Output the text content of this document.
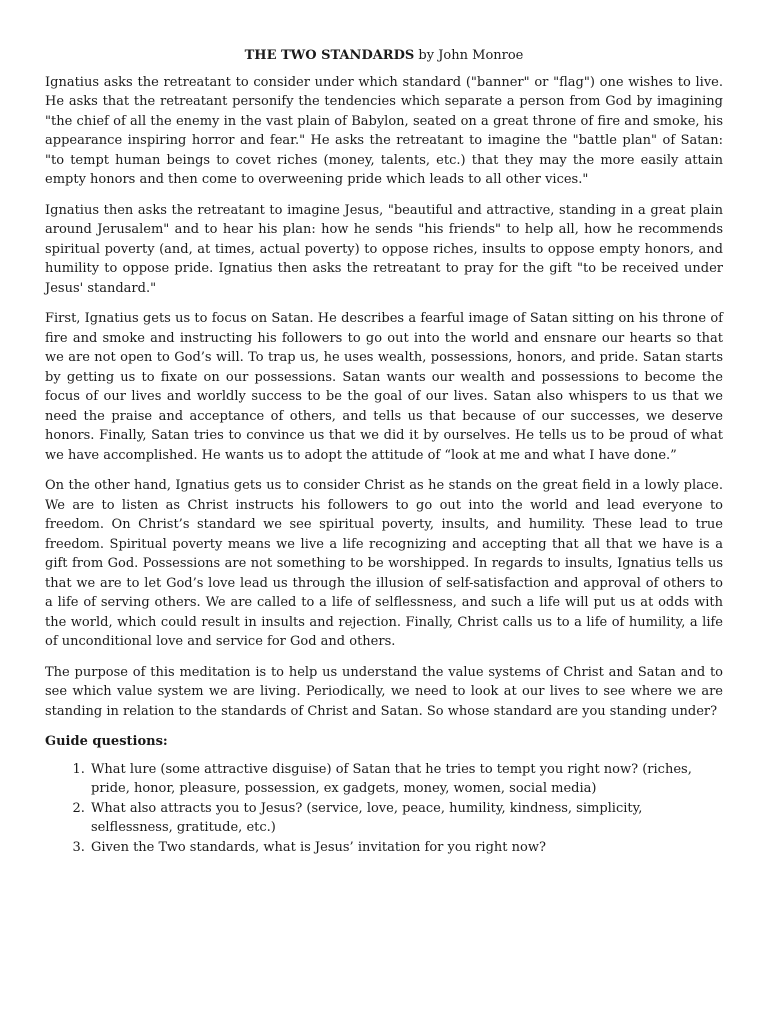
THE TWO STANDARDS by John Monroe

Ignatius asks the retreatant to consider under which standard ("banner" or "flag") one wishes to live. He asks that the retreatant personify the tendencies which separate a person from God by imagining "the chief of all the enemy in the vast plain of Babylon, seated on a great throne of fire and smoke, his appearance inspiring horror and fear." He asks the retreatant to imagine the "battle plan" of Satan: "to tempt human beings to covet riches (money, talents, etc.) that they may the more easily attain empty honors and then come to overweening pride which leads to all other vices."

Ignatius then asks the retreatant to imagine Jesus, "beautiful and attractive, standing in a great plain around Jerusalem" and to hear his plan: how he sends "his friends" to help all, how he recommends spiritual poverty (and, at times, actual poverty) to oppose riches, insults to oppose empty honors, and humility to oppose pride. Ignatius then asks the retreatant to pray for the gift "to be received under Jesus' standard."

First, Ignatius gets us to focus on Satan. He describes a fearful image of Satan sitting on his throne of fire and smoke and instructing his followers to go out into the world and ensnare our hearts so that we are not open to God’s will. To trap us, he uses wealth, possessions, honors, and pride. Satan starts by getting us to fixate on our possessions. Satan wants our wealth and possessions to become the focus of our lives and worldly success to be the goal of our lives. Satan also whispers to us that we need the praise and acceptance of others, and tells us that because of our successes, we deserve honors. Finally, Satan tries to convince us that we did it by ourselves. He tells us to be proud of what we have accomplished. He wants us to adopt the attitude of “look at me and what I have done.”

On the other hand, Ignatius gets us to consider Christ as he stands on the great field in a lowly place. We are to listen as Christ instructs his followers to go out into the world and lead everyone to freedom. On Christ’s standard we see spiritual poverty, insults, and humility. These lead to true freedom. Spiritual poverty means we live a life recognizing and accepting that all that we have is a gift from God. Possessions are not something to be worshipped. In regards to insults, Ignatius tells us that we are to let God’s love lead us through the illusion of self-satisfaction and approval of others to a life of serving others. We are called to a life of selflessness, and such a life will put us at odds with the world, which could result in insults and rejection. Finally, Christ calls us to a life of humility, a life of unconditional love and service for God and others.

The purpose of this meditation is to help us understand the value systems of Christ and Satan and to see which value system we are living. Periodically, we need to look at our lives to see where we are standing in relation to the standards of Christ and Satan. So whose standard are you standing under?

Guide questions:
1. What lure (some attractive disguise) of Satan that he tries to tempt you right now? (riches, pride, honor, pleasure, possession, ex gadgets, money, women, social media)
2. What also attracts you to Jesus? (service, love, peace, humility, kindness, simplicity, selflessness, gratitude, etc.)
3. Given the Two standards, what is Jesus’ invitation for you right now?
